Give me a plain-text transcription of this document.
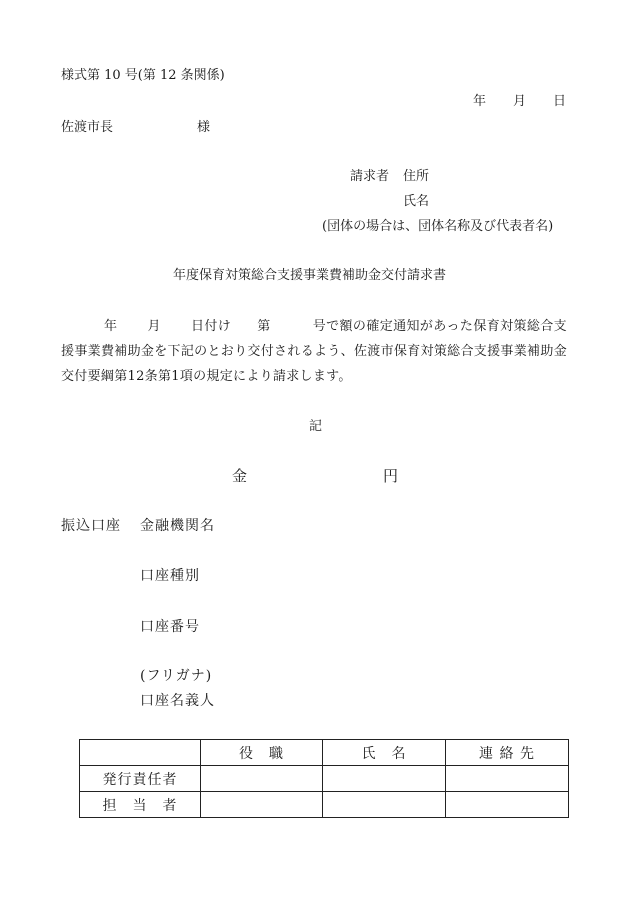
様式第 10 号(第 12 条関係)
年 月 日
佐渡市長	様
請求者 住所
氏名
(団体の場合は、団体名称及び代表者名)
年度保育対策総合支援事業費補助金交付請求書
年 月 日付け 第	号で額の確定通知があった保育対策総合支援事業費補助金を下記のとおり交付されるよう、佐渡市保育対策総合支援事業補助金交付要綱第12条第1項の規定により請求します。
記
金	円
振込口座 金融機関名
口座種別
口座番号
(フリガナ)
口座名義人
	役　職	氏　名	連 絡 先
発行責任者			
担　当　者			
